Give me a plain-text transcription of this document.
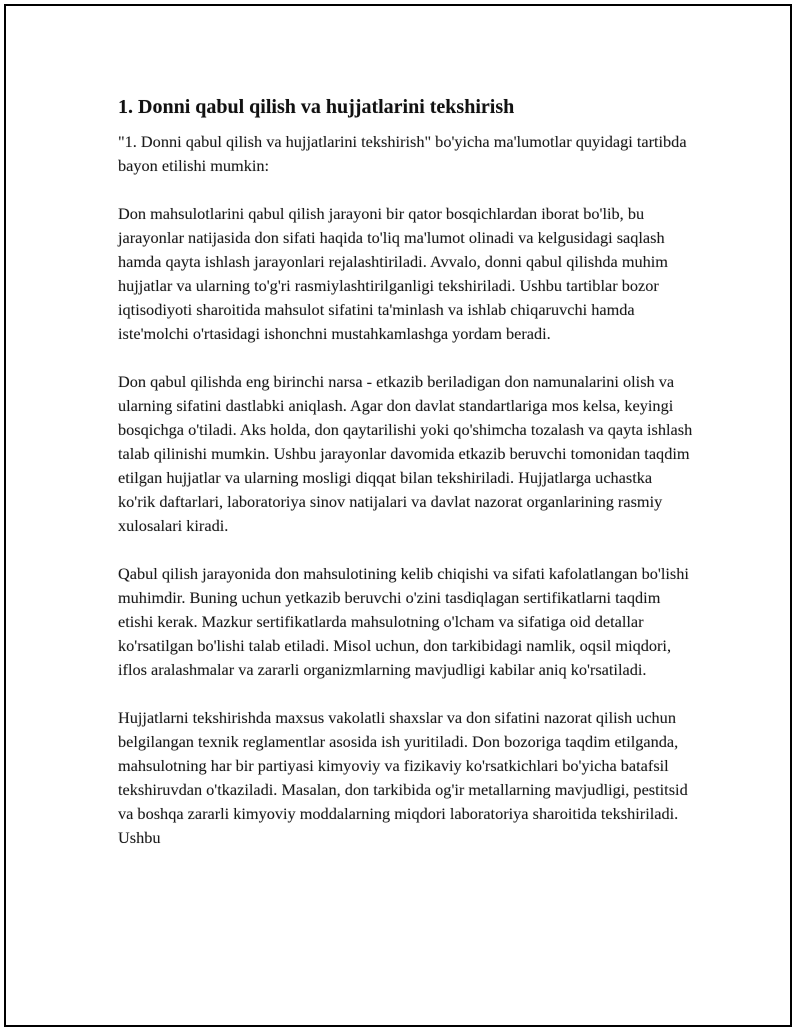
1. Donni qabul qilish va hujjatlarini tekshirish

"1. Donni qabul qilish va hujjatlarini tekshirish" bo'yicha ma'lumotlar quyidagi tartibda bayon etilishi mumkin:

Don mahsulotlarini qabul qilish jarayoni bir qator bosqichlardan iborat bo'lib, bu jarayonlar natijasida don sifati haqida to'liq ma'lumot olinadi va kelgusidagi saqlash hamda qayta ishlash jarayonlari rejalashtiriladi. Avvalo, donni qabul qilishda muhim hujjatlar va ularning to'g'ri rasmiylashtirilganligi tekshiriladi. Ushbu tartiblar bozor iqtisodiyoti sharoitida mahsulot sifatini ta'minlash va ishlab chiqaruvchi hamda iste'molchi o'rtasidagi ishonchni mustahkamlashga yordam beradi.

Don qabul qilishda eng birinchi narsa - etkazib beriladigan don namunalarini olish va ularning sifatini dastlabki aniqlash. Agar don davlat standartlariga mos kelsa, keyingi bosqichga o'tiladi. Aks holda, don qaytarilishi yoki qo'shimcha tozalash va qayta ishlash talab qilinishi mumkin. Ushbu jarayonlar davomida etkazib beruvchi tomonidan taqdim etilgan hujjatlar va ularning mosligi diqqat bilan tekshiriladi. Hujjatlarga uchastka ko'rik daftarlari, laboratoriya sinov natijalari va davlat nazorat organlarining rasmiy xulosalari kiradi.

Qabul qilish jarayonida don mahsulotining kelib chiqishi va sifati kafolatlangan bo'lishi muhimdir. Buning uchun yetkazib beruvchi o'zini tasdiqlagan sertifikatlarni taqdim etishi kerak. Mazkur sertifikatlarda mahsulotning o'lcham va sifatiga oid detallar ko'rsatilgan bo'lishi talab etiladi. Misol uchun, don tarkibidagi namlik, oqsil miqdori, iflos aralashmalar va zararli organizmlarning mavjudligi kabilar aniq ko'rsatiladi.

Hujjatlarni tekshirishda maxsus vakolatli shaxslar va don sifatini nazorat qilish uchun belgilangan texnik reglamentlar asosida ish yuritiladi. Don bozoriga taqdim etilganda, mahsulotning har bir partiyasi kimyoviy va fizikaviy ko'rsatkichlari bo'yicha batafsil tekshiruvdan o'tkaziladi. Masalan, don tarkibida og'ir metallarning mavjudligi, pestitsid va boshqa zararli kimyoviy moddalarning miqdori laboratoriya sharoitida tekshiriladi. Ushbu
